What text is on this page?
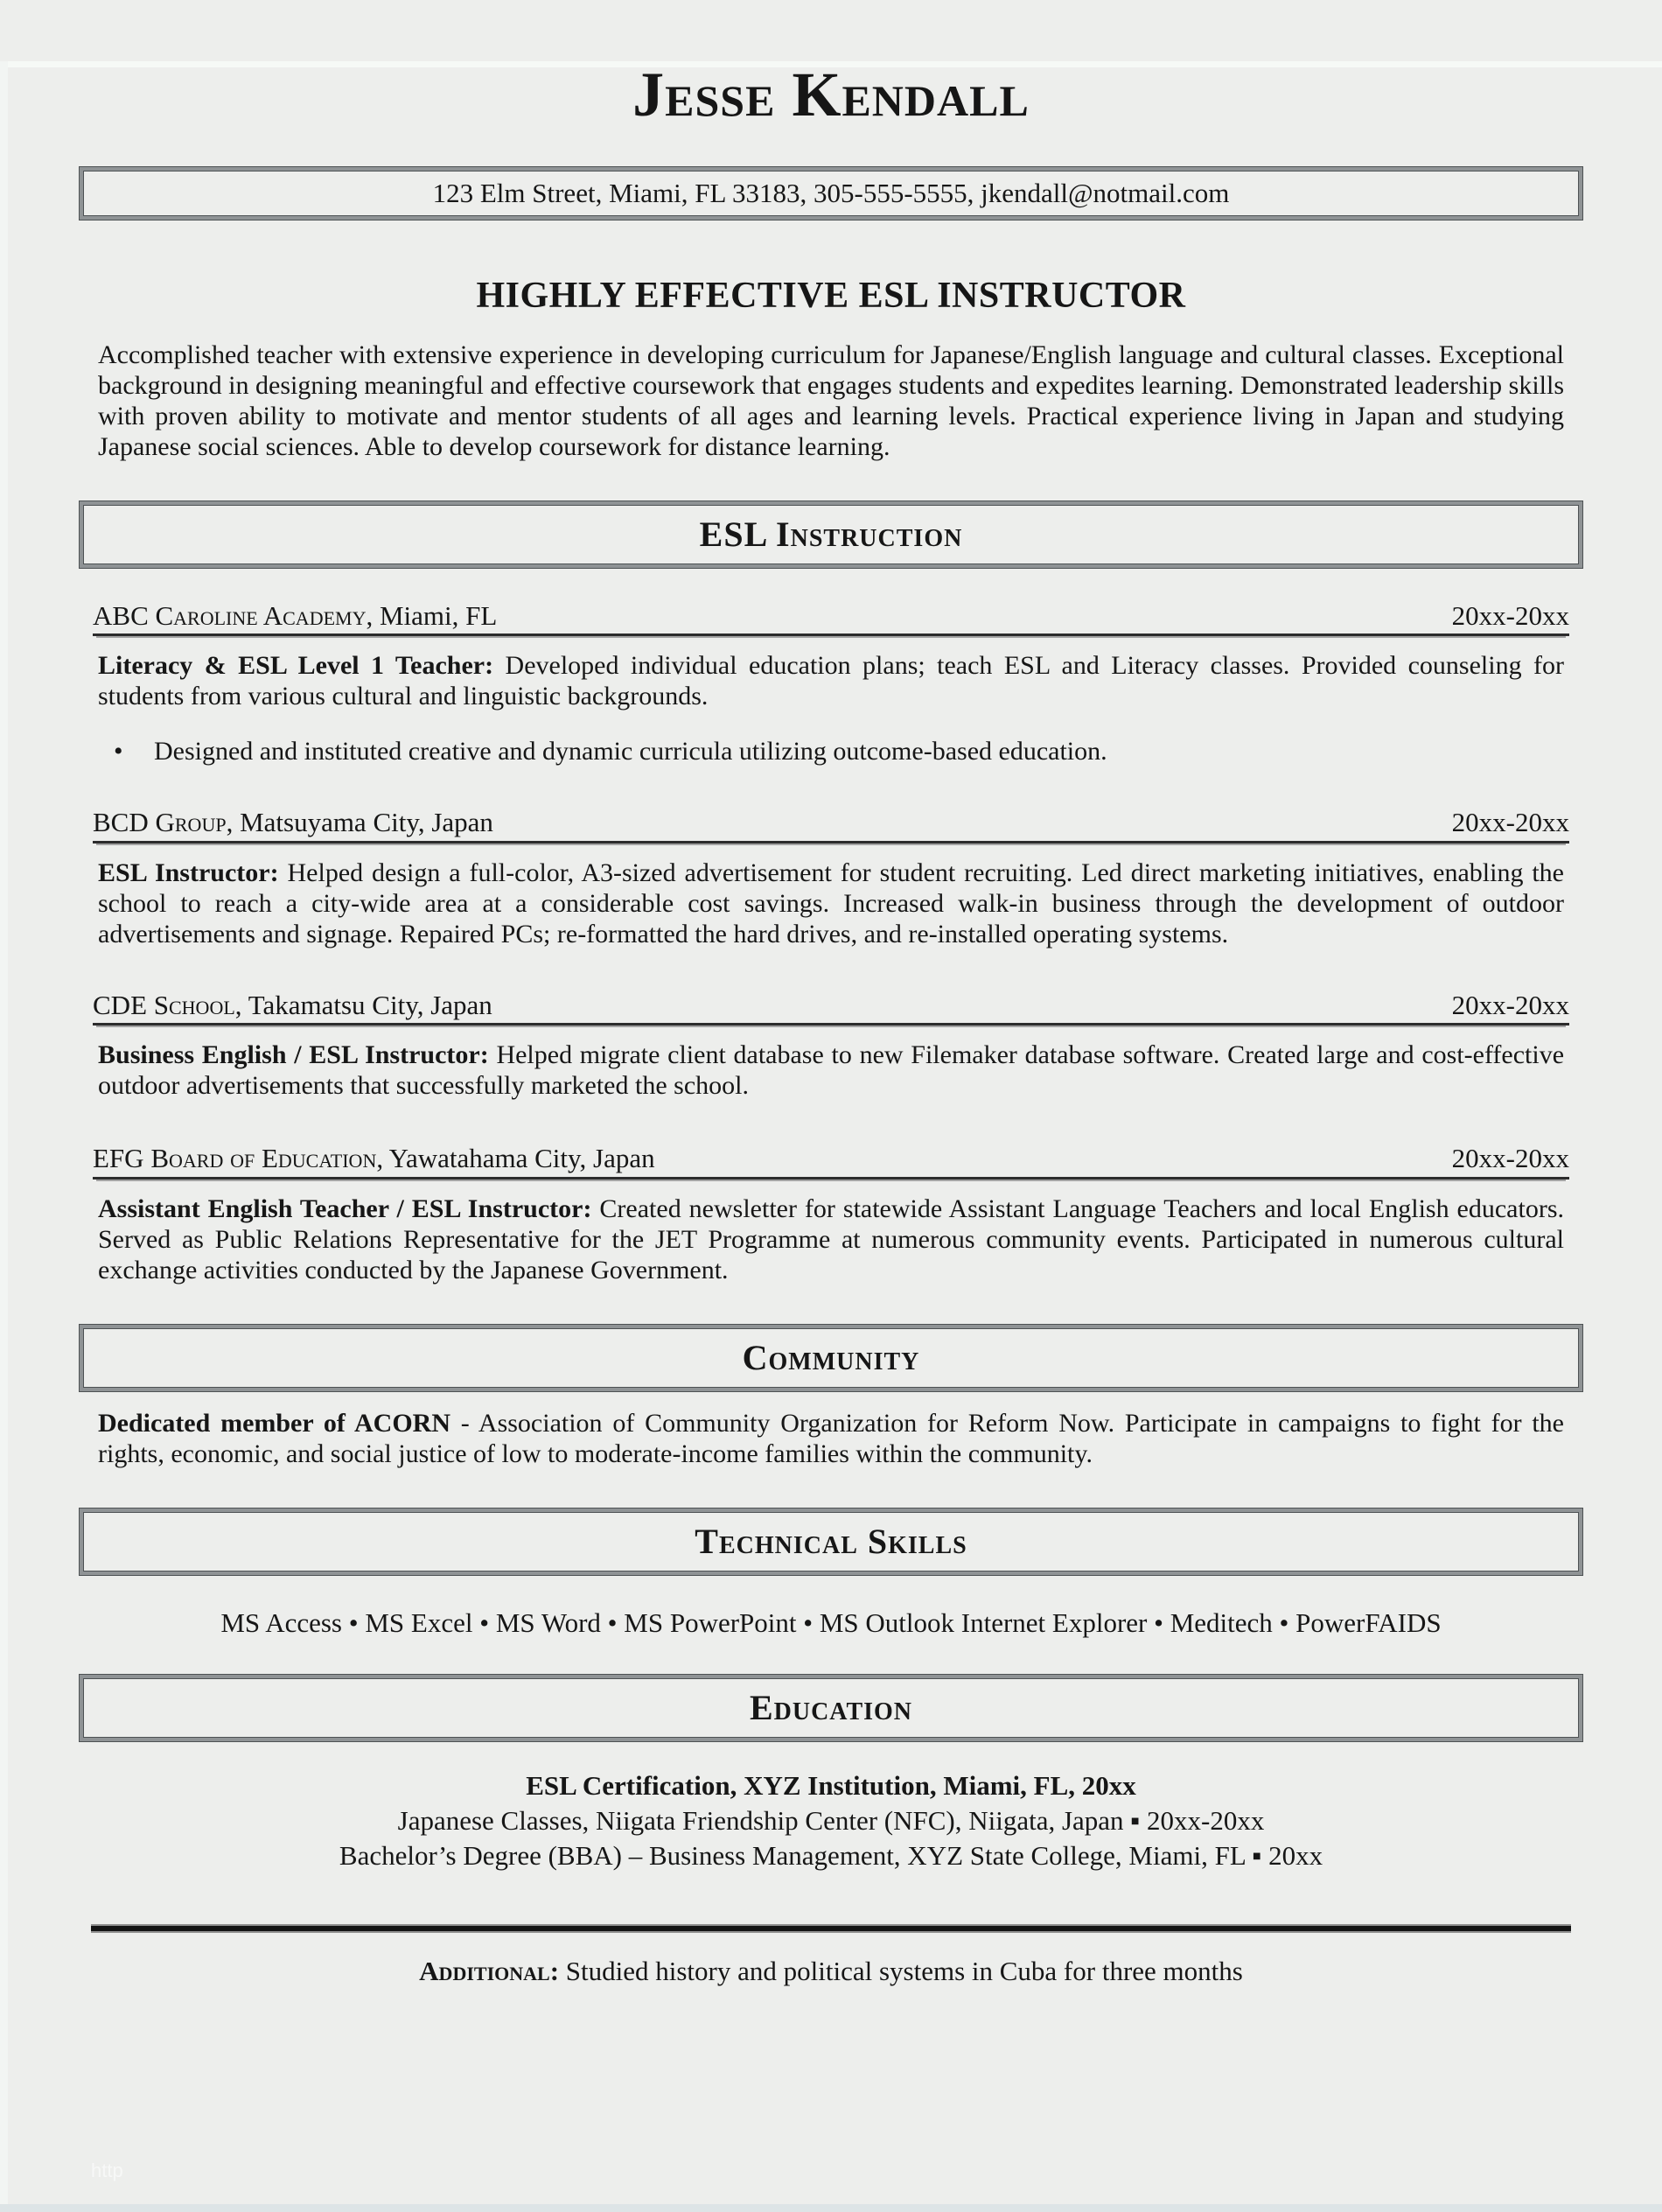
Jesse Kendall
123 Elm Street, Miami, FL 33183, 305-555-5555, jkendall@notmail.com
HIGHLY EFFECTIVE ESL INSTRUCTOR

Accomplished teacher with extensive experience in developing curriculum for Japanese/English language and cultural classes. Exceptional background in designing meaningful and effective coursework that engages students and expedites learning. Demonstrated leadership skills with proven ability to motivate and mentor students of all ages and learning levels. Practical experience living in Japan and studying Japanese social sciences. Able to develop coursework for distance learning.

ESL Instruction
ABC Caroline Academy, Miami, FL	20xx-20xx

Literacy & ESL Level 1 Teacher: Developed individual education plans; teach ESL and Literacy classes. Provided counseling for students from various cultural and linguistic backgrounds.

•	Designed and instituted creative and dynamic curricula utilizing outcome-based education.
BCD Group, Matsuyama City, Japan	20xx-20xx

ESL Instructor: Helped design a full-color, A3-sized advertisement for student recruiting. Led direct marketing initiatives, enabling the school to reach a city-wide area at a considerable cost savings. Increased walk-in business through the development of outdoor advertisements and signage. Repaired PCs; re-formatted the hard drives, and re-installed operating systems.

CDE School, Takamatsu City, Japan	20xx-20xx

Business English / ESL Instructor: Helped migrate client database to new Filemaker database software. Created large and cost-effective outdoor advertisements that successfully marketed the school.

EFG Board of Education, Yawatahama City, Japan	20xx-20xx

Assistant English Teacher / ESL Instructor: Created newsletter for statewide Assistant Language Teachers and local English educators. Served as Public Relations Representative for the JET Programme at numerous community events. Participated in numerous cultural exchange activities conducted by the Japanese Government.

Community

Dedicated member of ACORN - Association of Community Organization for Reform Now. Participate in campaigns to fight for the rights, economic, and social justice of low to moderate-income families within the community.

Technical Skills
MS Access • MS Excel • MS Word • MS PowerPoint • MS Outlook Internet Explorer • Meditech • PowerFAIDS
Education
ESL Certification, XYZ Institution, Miami, FL, 20xx
Japanese Classes, Niigata Friendship Center (NFC), Niigata, Japan ▪ 20xx-20xx
Bachelor’s Degree (BBA) – Business Management, XYZ State College, Miami, FL ▪ 20xx
Additional: Studied history and political systems in Cuba for three months
http
